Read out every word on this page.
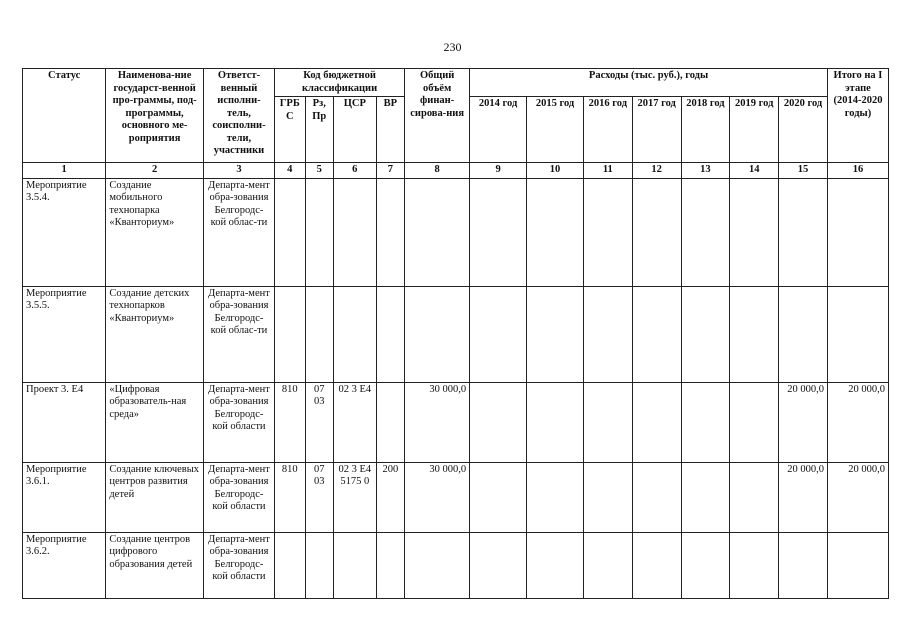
230
Статус	Наименова-ние государст-венной про-граммы, под-программы, основного ме-роприятия	Ответст-венный исполни-тель, соисполни-тели, участники	Код бюджетной классификации				Общий объём финан-сирова-ния	Расходы (тыс. руб.), годы							Итого на I этапе (2014-2020 годы)
			ГРБС	Рз, Пр	ЦСР	ВР		2014 год	2015 год	2016 год	2017 год	2018 год	2019 год	2020 год	
1	2	3	4	5	6	7	8	9	10	11	12	13	14	15	16
Мероприятие 3.5.4.	Создание мобильного технопарка «Кванториум»	Департа-мент обра-зования Белгородс-кой облас-ти													
Мероприятие 3.5.5.	Создание детских технопарков «Кванториум»	Департа-мент обра-зования Белгородс-кой облас-ти													
Проект 3. Е4	«Цифровая образователь-ная среда»	Департа-мент обра-зования Белгородс-кой области	810	07 03	02 3 Е4		30 000,0							20 000,0	20 000,0
Мероприятие 3.6.1.	Создание ключевых центров развития детей	Департа-мент обра-зования Белгородс-кой области	810	07 03	02 3 Е4 5175 0	200	30 000,0							20 000,0	20 000,0
Мероприятие 3.6.2.	Создание центров цифрового образования детей	Департа-мент обра-зования Белгородс-кой области													
